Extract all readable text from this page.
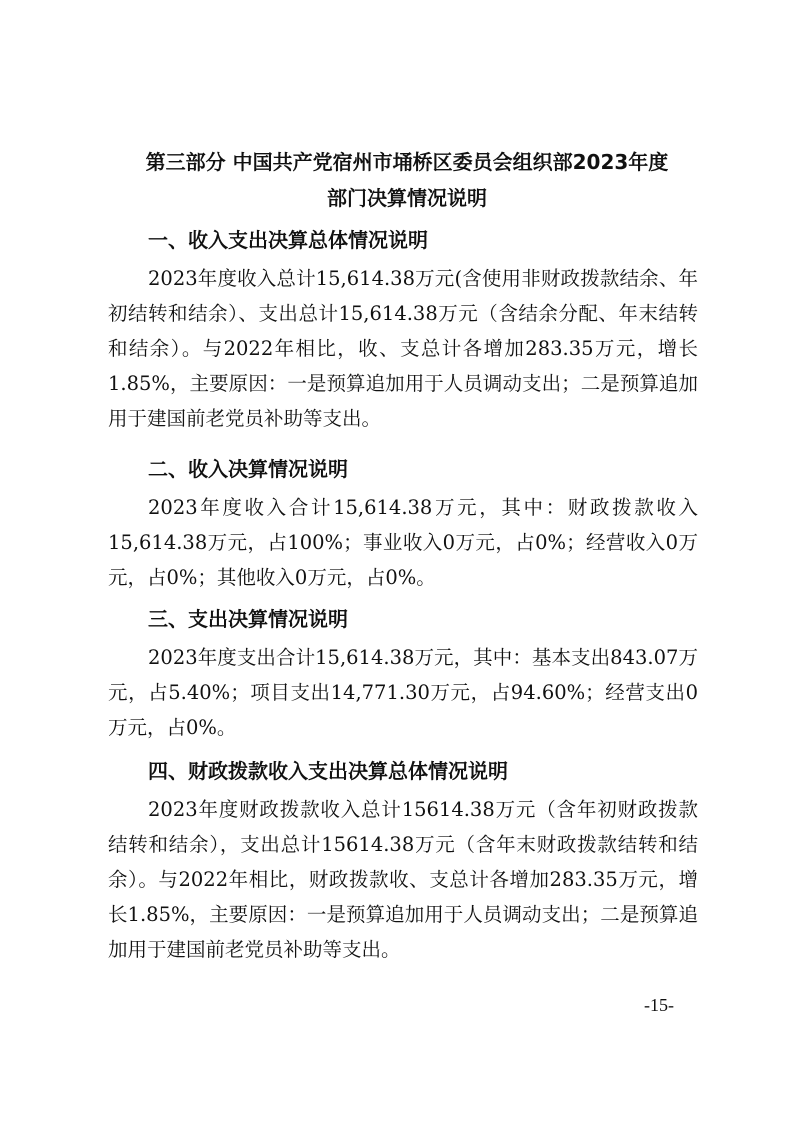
第三部分 中国共产党宿州市埇桥区委员会组织部2023年度
部门决算情况说明
一、收入支出决算总体情况说明

2023年度收入总计15,614.38万元(含使用非财政拨款结余、年初结转和结余）、支出总计15,614.38万元（含结余分配、年末结转和结余）。与2022年相比，收、支总计各增加283.35万元，增长1.85%，主要原因：一是预算追加用于人员调动支出；二是预算追加用于建国前老党员补助等支出。

二、收入决算情况说明

2023年度收入合计15,614.38万元，其中：财政拨款收入15,614.38万元，占100%；事业收入0万元，占0%；经营收入0万元，占0%；其他收入0万元，占0%。

三、支出决算情况说明

2023年度支出合计15,614.38万元，其中：基本支出843.07万元，占5.40%；项目支出14,771.30万元，占94.60%；经营支出0万元，占0%。

四、财政拨款收入支出决算总体情况说明

2023年度财政拨款收入总计15614.38万元（含年初财政拨款结转和结余），支出总计15614.38万元（含年末财政拨款结转和结余）。与2022年相比，财政拨款收、支总计各增加283.35万元，增长1.85%，主要原因：一是预算追加用于人员调动支出；二是预算追加用于建国前老党员补助等支出。

-15-
